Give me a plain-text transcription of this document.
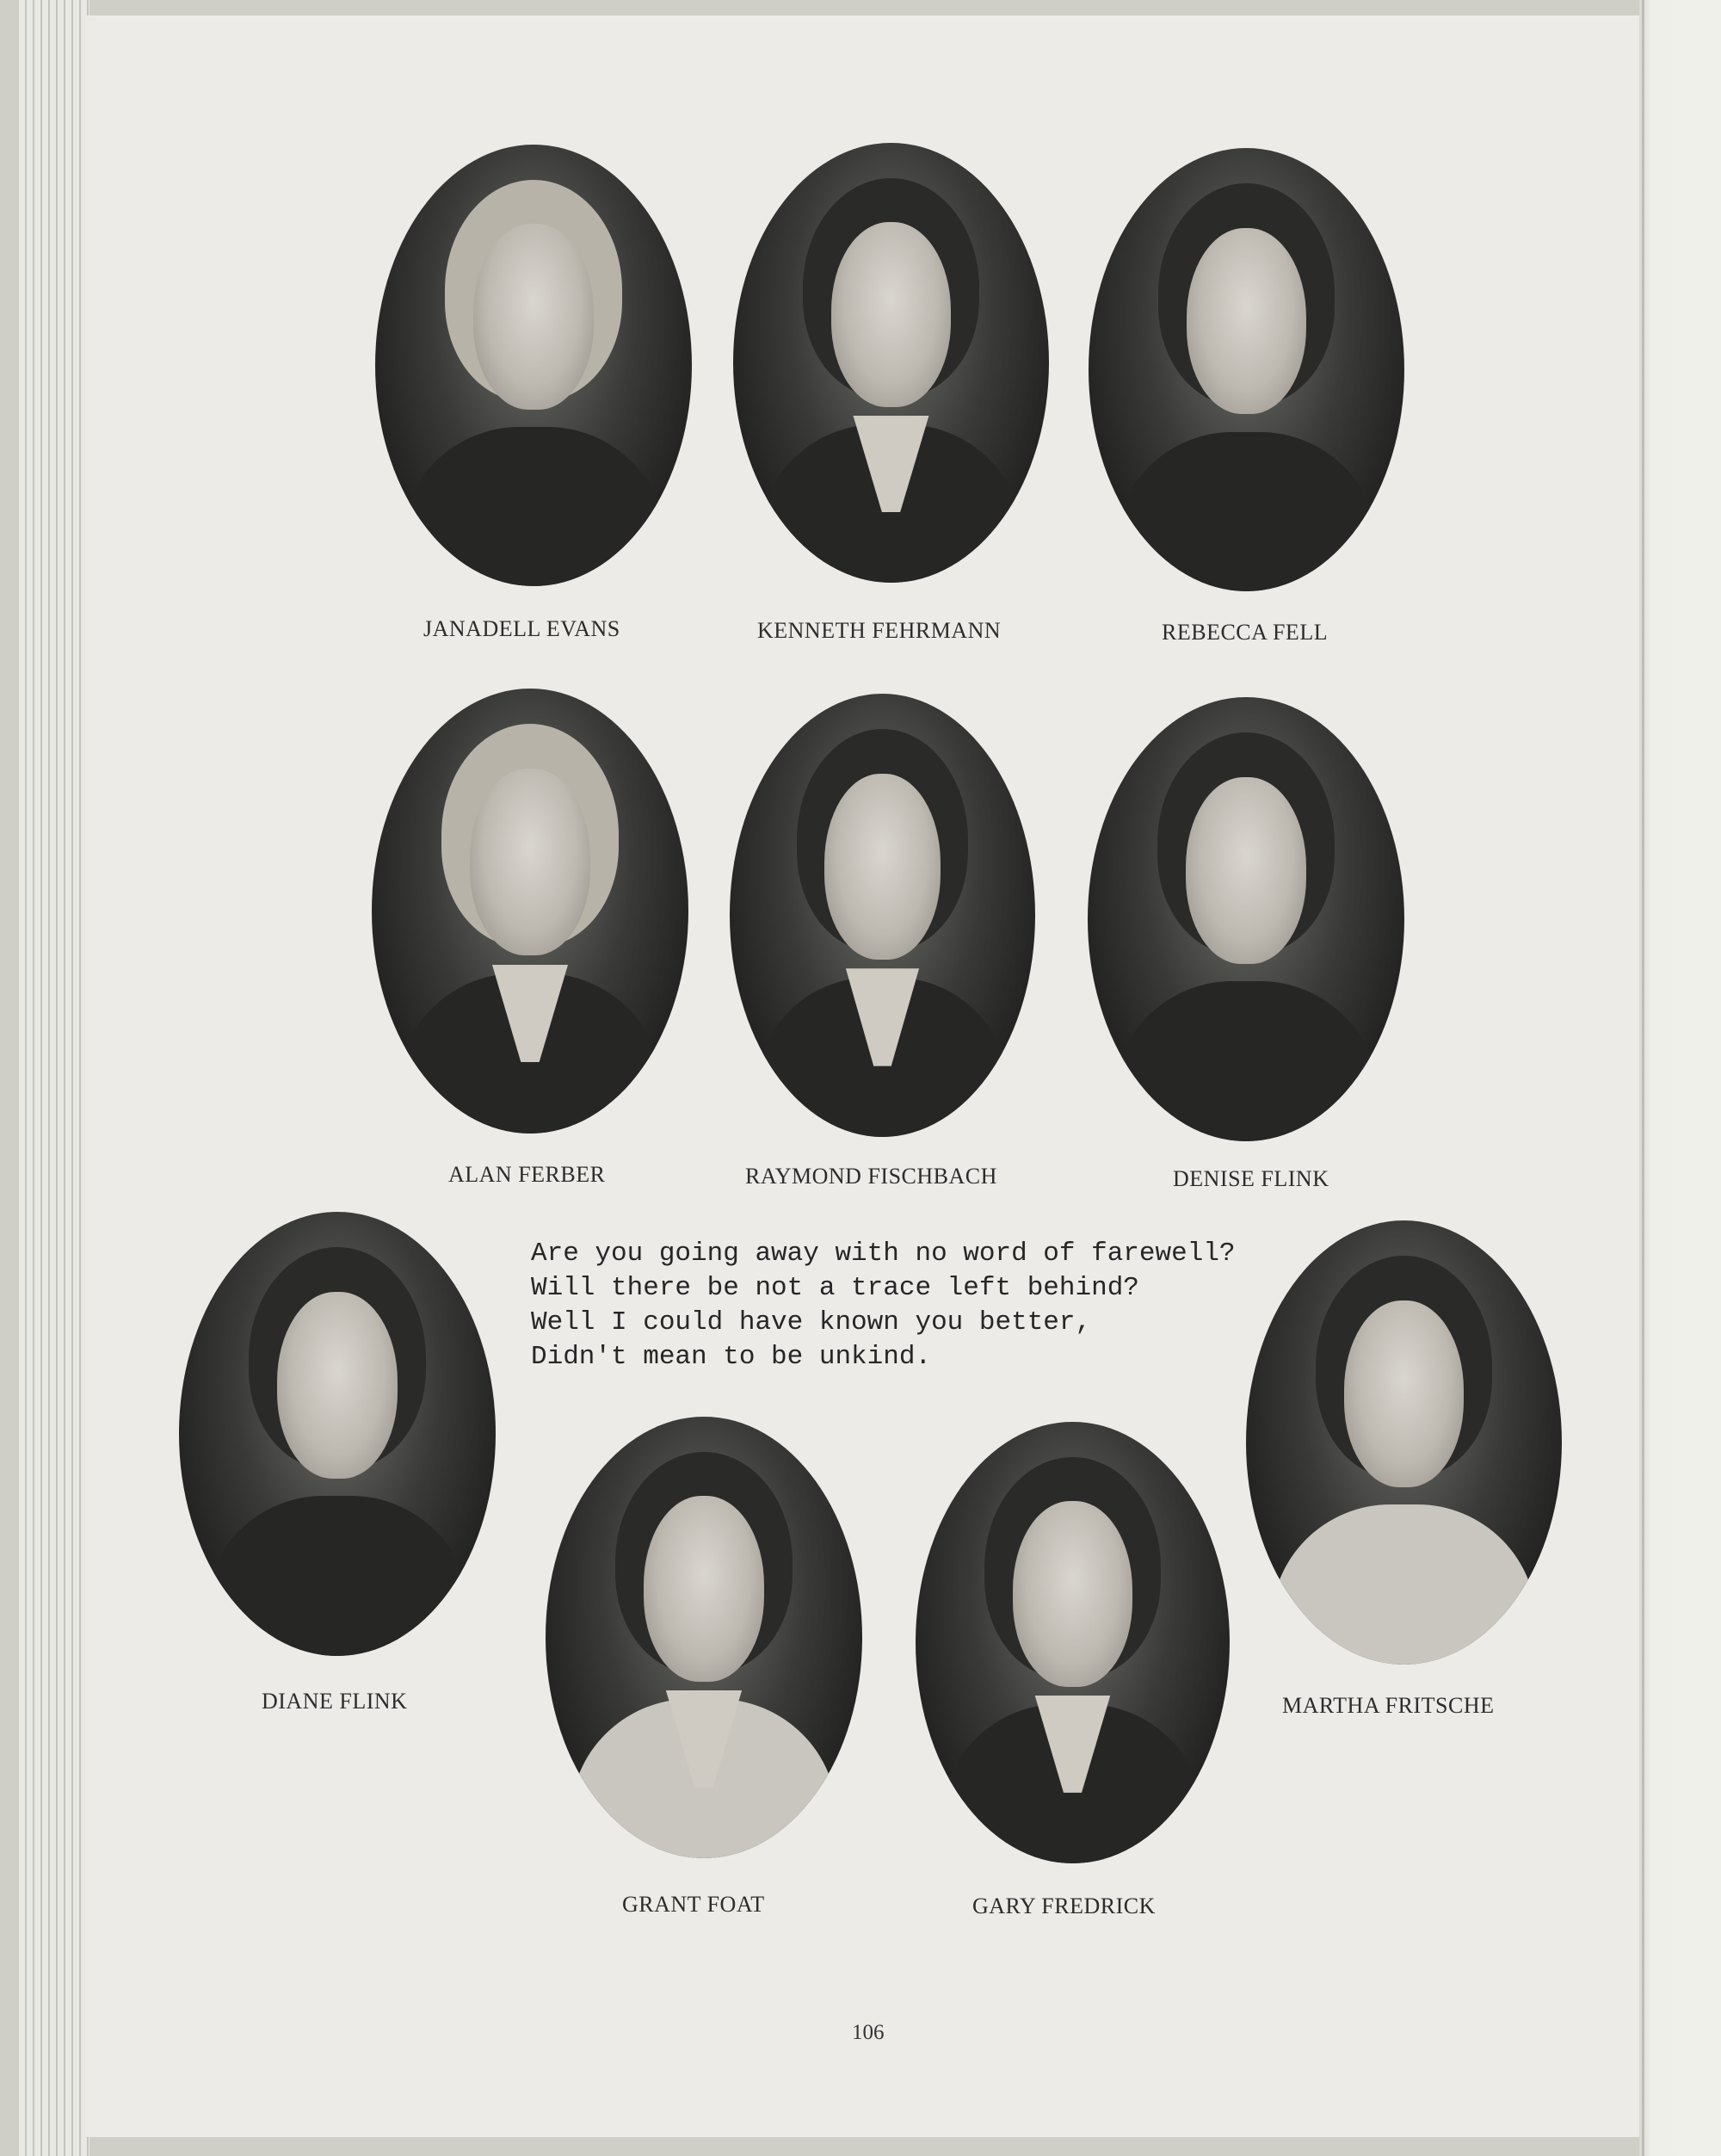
JANADELL EVANS	KENNETH FEHRMANN	REBECCA FELL
ALAN FERBER	RAYMOND FISCHBACH	DENISE FLINK
DIANE FLINK
Are you going away with no word of farewell?
Will there be not a trace left behind?
Well I could have known you better,
Didn't mean to be unkind.
MARTHA FRITSCHE
GRANT FOAT	GARY FREDRICK
106
